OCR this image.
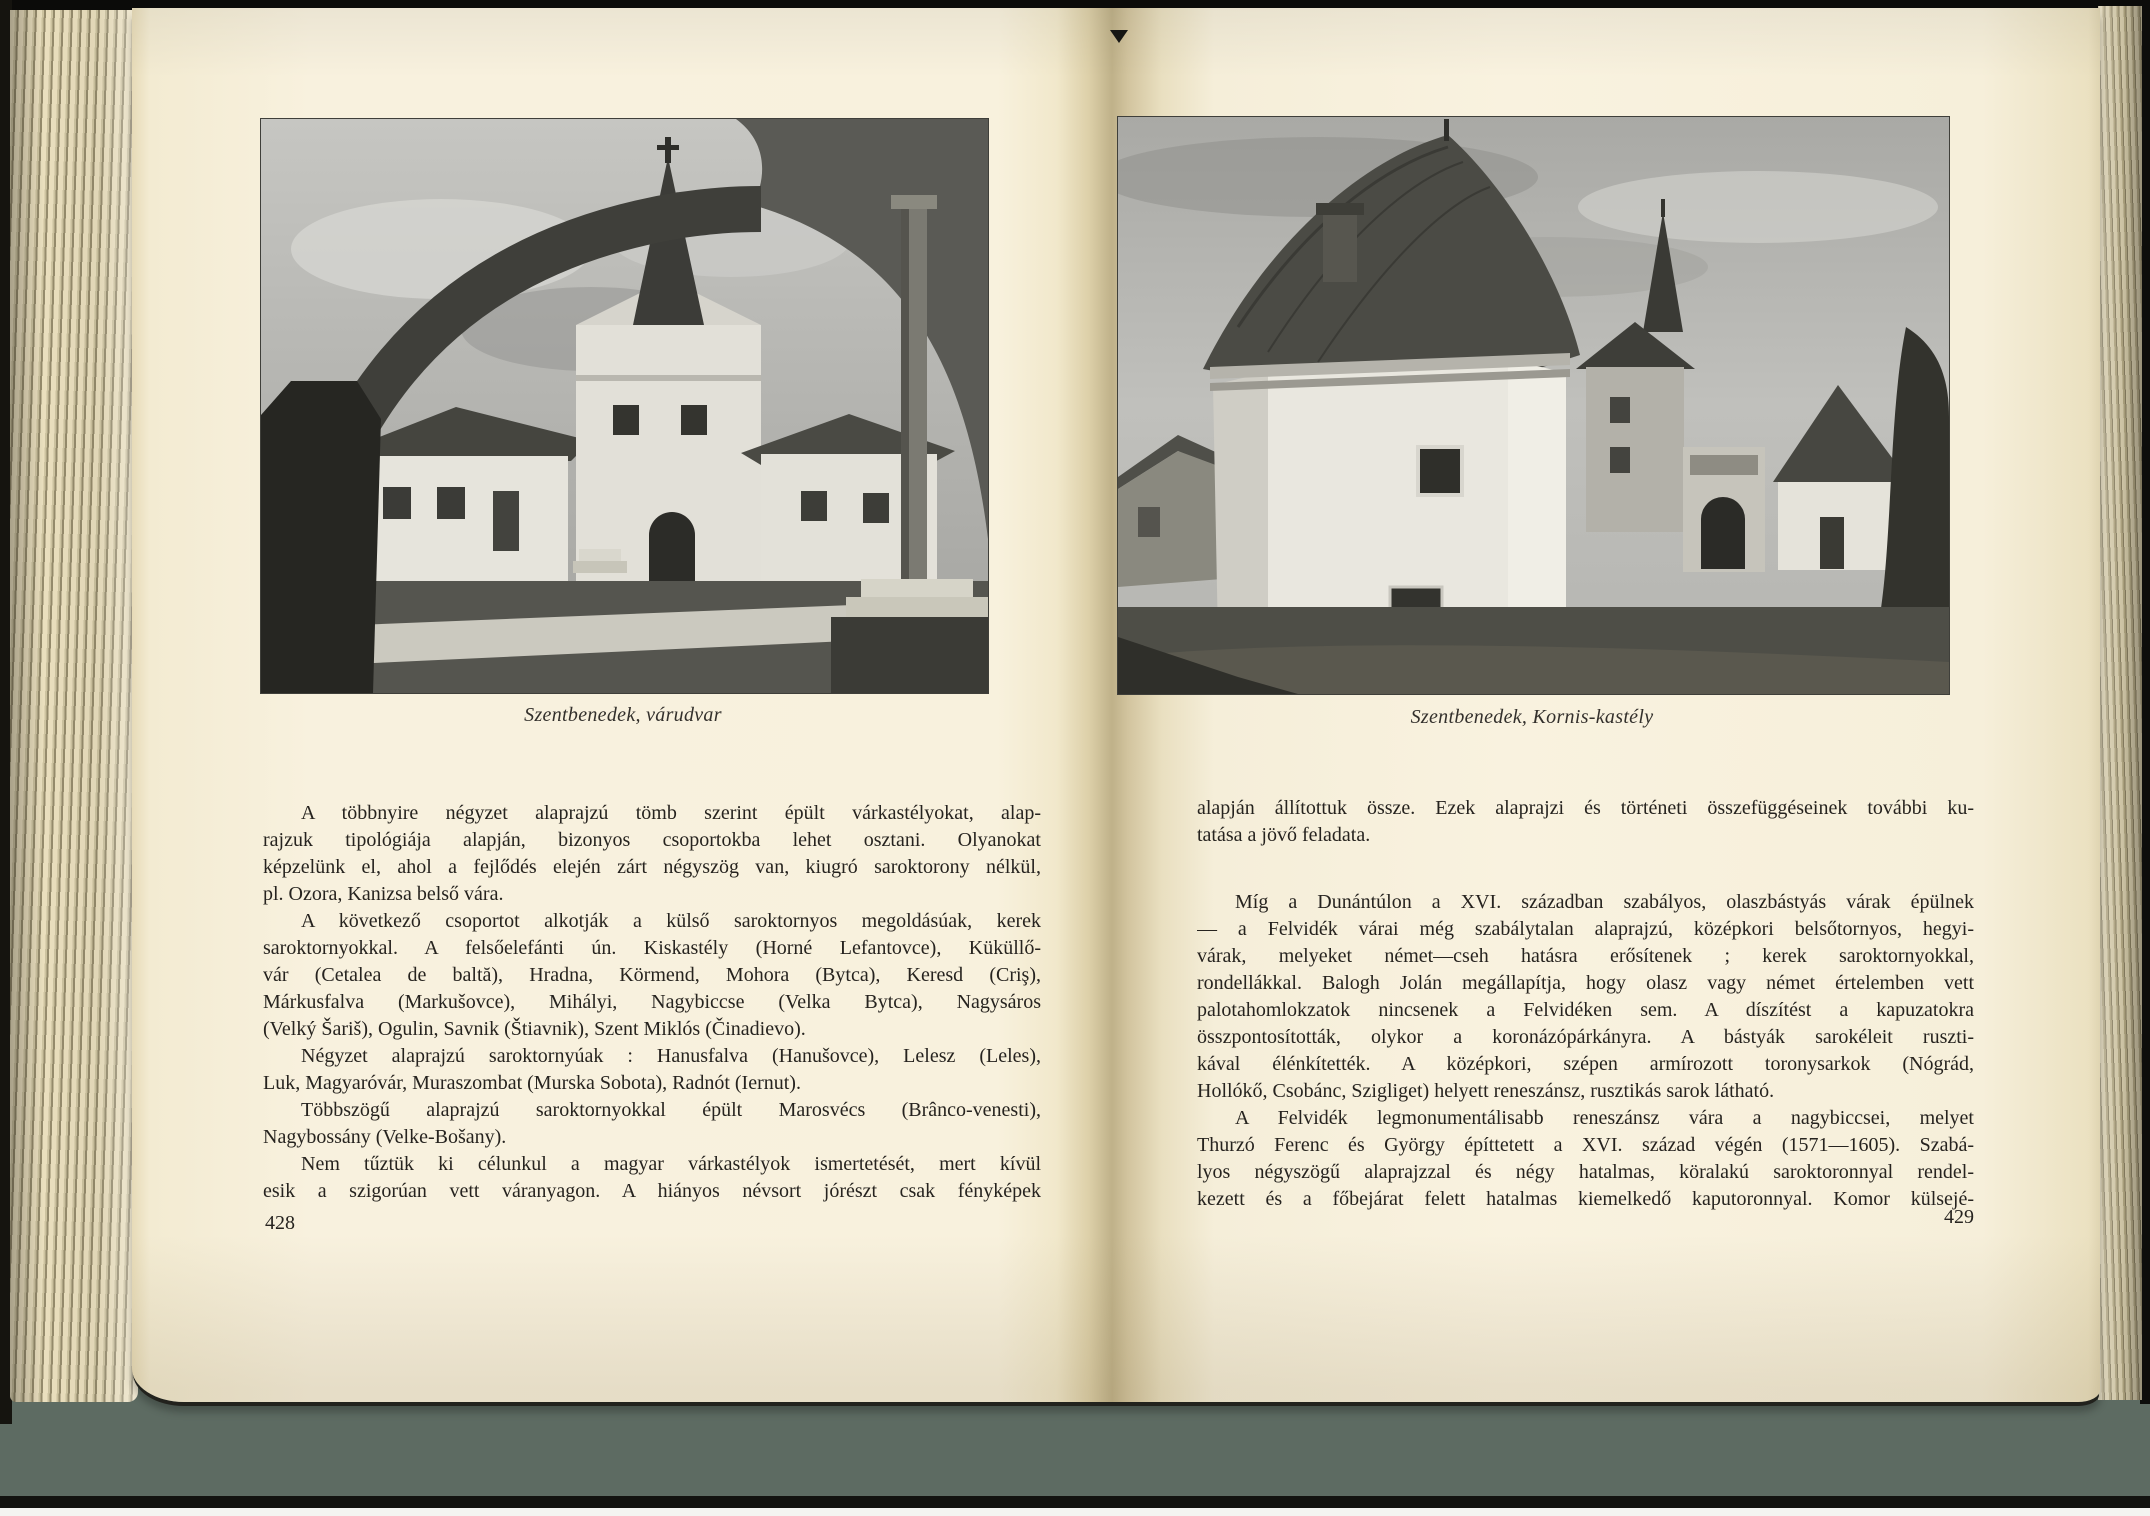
Szentbenedek, várudvar
A többnyire négyzet alaprajzú tömb szerint épült várkastélyokat, alap-
rajzuk tipológiája alapján, bizonyos csoportokba lehet osztani. Olyanokat
képzelünk el, ahol a fejlődés elején zárt négyszög van, kiugró saroktorony nélkül,
pl. Ozora, Kanizsa belső vára.
A következő csoportot alkotják a külső saroktornyos megoldásúak, kerek
saroktornyokkal. A felsőelefánti ún. Kiskastély (Horné Lefantovce), Küküllő-
vár (Cetalea de baltă), Hradna, Körmend, Mohora (Bytca), Keresd (Criş),
Márkusfalva (Markušovce), Mihályi, Nagybiccse (Velka Bytca), Nagysáros
(Velký Šariš), Ogulin, Savnik (Štiavnik), Szent Miklós (Činadievo).
Négyzet alaprajzú saroktornyúak : Hanusfalva (Hanušovce), Lelesz (Leles),
Luk, Magyaróvár, Muraszombat (Murska Sobota), Radnót (Iernut).
Többszögű alaprajzú saroktornyokkal épült Marosvécs (Brânco-venesti),
Nagybossány (Velke-Bošany).
Nem tűztük ki célunkul a magyar várkastélyok ismertetését, mert kívül
esik a szigorúan vett váranyagon. A hiányos névsort jórészt csak fényképek
428
Szentbenedek, Kornis-kastély
alapján állítottuk össze. Ezek alaprajzi és történeti összefüggéseinek további ku-
tatása a jövő feladata.
Míg a Dunántúlon a XVI. században szabályos, olaszbástyás várak épülnek
— a Felvidék várai még szabálytalan alaprajzú, középkori belsőtornyos, hegyi-
várak, melyeket német—cseh hatásra erősítenek ; kerek saroktornyokkal,
rondellákkal. Balogh Jolán megállapítja, hogy olasz vagy német értelemben vett
palotahomlokzatok nincsenek a Felvidéken sem. A díszítést a kapuzatokra
összpontosították, olykor a koronázópárkányra. A bástyák sarokéleit ruszti-
kával élénkítették. A középkori, szépen armírozott toronysarkok (Nógrád,
Hollókő, Csobánc, Szigliget) helyett reneszánsz, rusztikás sarok látható.
A Felvidék legmonumentálisabb reneszánsz vára a nagybiccsei, melyet
Thurzó Ferenc és György építtetett a XVI. század végén (1571—1605). Szabá-
lyos négyszögű alaprajzzal és négy hatalmas, köralakú saroktoronnyal rendel-
kezett és a főbejárat felett hatalmas kiemelkedő kaputoronnyal. Komor külsejé-
429
